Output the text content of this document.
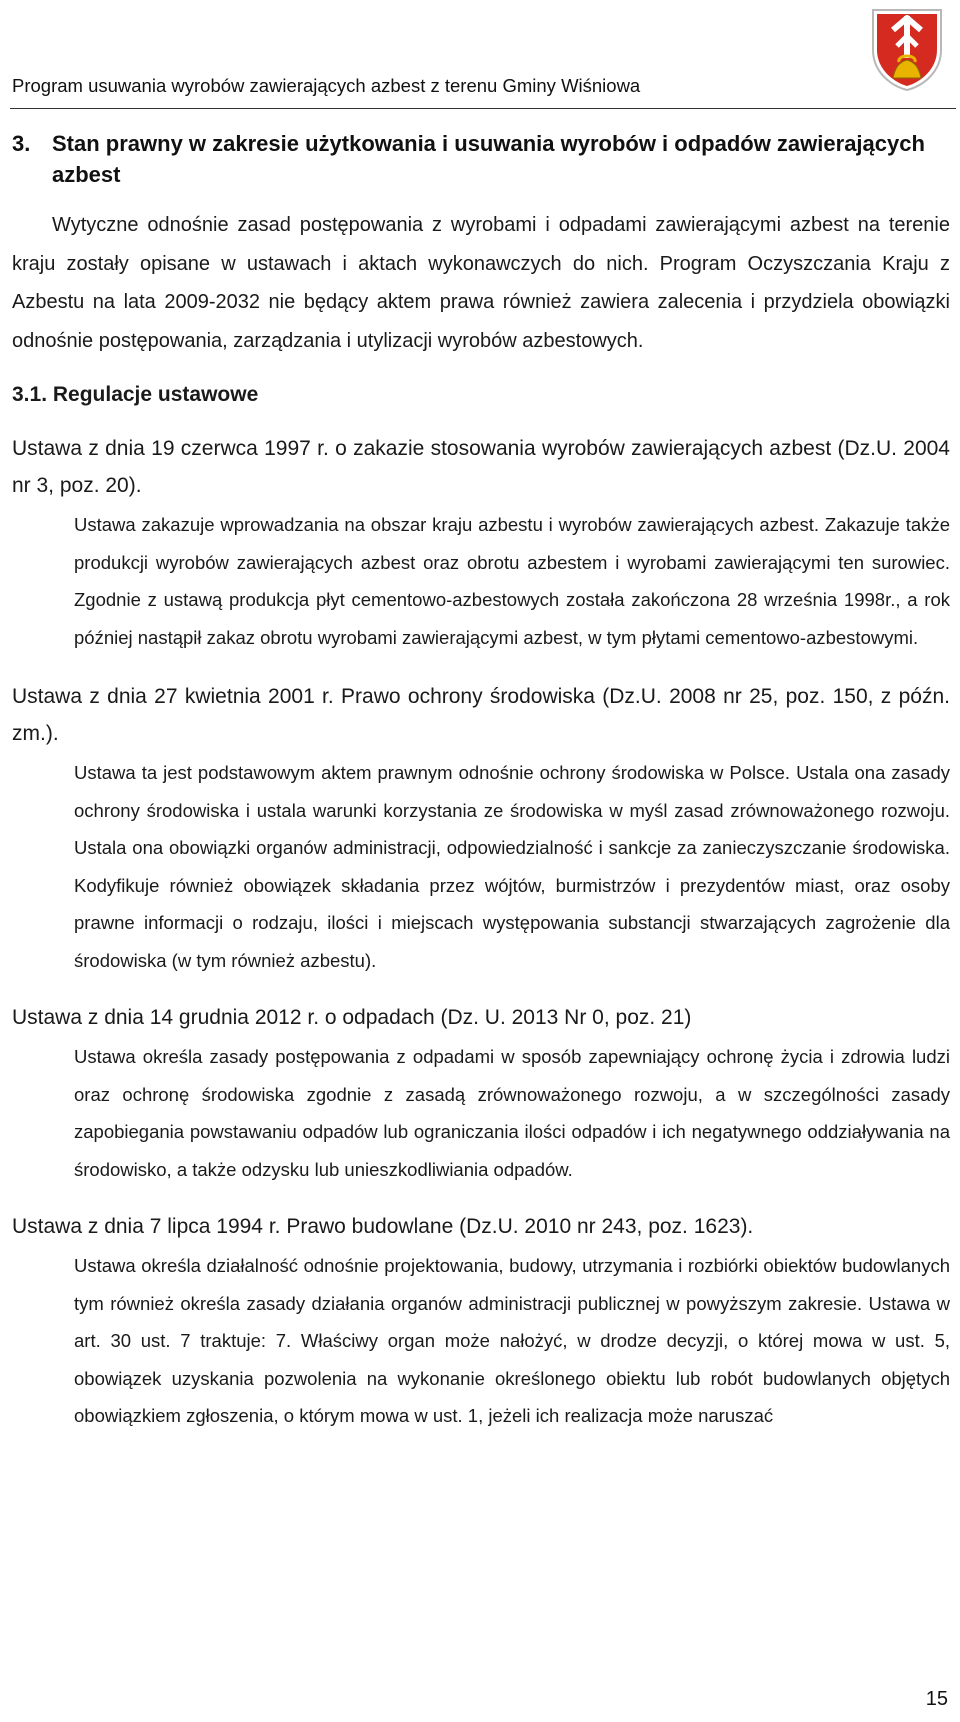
Program usuwania wyrobów zawierających azbest z terenu Gminy Wiśniowa
3. Stan prawny w zakresie użytkowania i usuwania wyrobów i odpadów zawierających azbest

Wytyczne odnośnie zasad postępowania z wyrobami i odpadami zawierającymi azbest na terenie kraju zostały opisane w ustawach i aktach wykonawczych do nich. Program Oczyszczania Kraju z Azbestu na lata 2009-2032 nie będący aktem prawa również zawiera zalecenia i przydziela obowiązki odnośnie postępowania, zarządzania i utylizacji wyrobów azbestowych.

3.1. Regulacje ustawowe

Ustawa z dnia 19 czerwca 1997 r. o zakazie stosowania wyrobów zawierających azbest (Dz.U. 2004 nr 3, poz. 20).

Ustawa zakazuje wprowadzania na obszar kraju azbestu i wyrobów zawierających azbest. Zakazuje także produkcji wyrobów zawierających azbest oraz obrotu azbestem i wyrobami zawierającymi ten surowiec. Zgodnie z ustawą produkcja płyt cementowo-azbestowych została zakończona 28 września 1998r., a rok później nastąpił zakaz obrotu wyrobami zawierającymi azbest, w tym płytami cementowo-azbestowymi.

Ustawa z dnia 27 kwietnia 2001 r. Prawo ochrony środowiska (Dz.U. 2008 nr 25, poz. 150, z późn. zm.).

Ustawa ta jest podstawowym aktem prawnym odnośnie ochrony środowiska w Polsce. Ustala ona zasady ochrony środowiska i ustala warunki korzystania ze środowiska w myśl zasad zrównoważonego rozwoju. Ustala ona obowiązki organów administracji, odpowiedzialność i sankcje za zanieczyszczanie środowiska. Kodyfikuje również obowiązek składania przez wójtów, burmistrzów i prezydentów miast, oraz osoby prawne informacji o rodzaju, ilości i miejscach występowania substancji stwarzających zagrożenie dla środowiska (w tym również azbestu).

Ustawa z dnia 14 grudnia 2012 r. o odpadach (Dz. U. 2013 Nr 0, poz. 21)

Ustawa określa zasady postępowania z odpadami w sposób zapewniający ochronę życia i zdrowia ludzi oraz ochronę środowiska zgodnie z zasadą zrównoważonego rozwoju, a w szczególności zasady zapobiegania powstawaniu odpadów lub ograniczania ilości odpadów i ich negatywnego oddziaływania na środowisko, a także odzysku lub unieszkodliwiania odpadów.

Ustawa z dnia 7 lipca 1994 r. Prawo budowlane (Dz.U. 2010 nr 243, poz. 1623).

Ustawa określa działalność odnośnie projektowania, budowy, utrzymania i rozbiórki obiektów budowlanych tym również określa zasady działania organów administracji publicznej w powyższym zakresie. Ustawa w art. 30 ust. 7 traktuje: 7. Właściwy organ może nałożyć, w drodze decyzji, o której mowa w ust. 5, obowiązek uzyskania pozwolenia na wykonanie określonego obiektu lub robót budowlanych objętych obowiązkiem zgłoszenia, o którym mowa w ust. 1, jeżeli ich realizacja może naruszać

15
